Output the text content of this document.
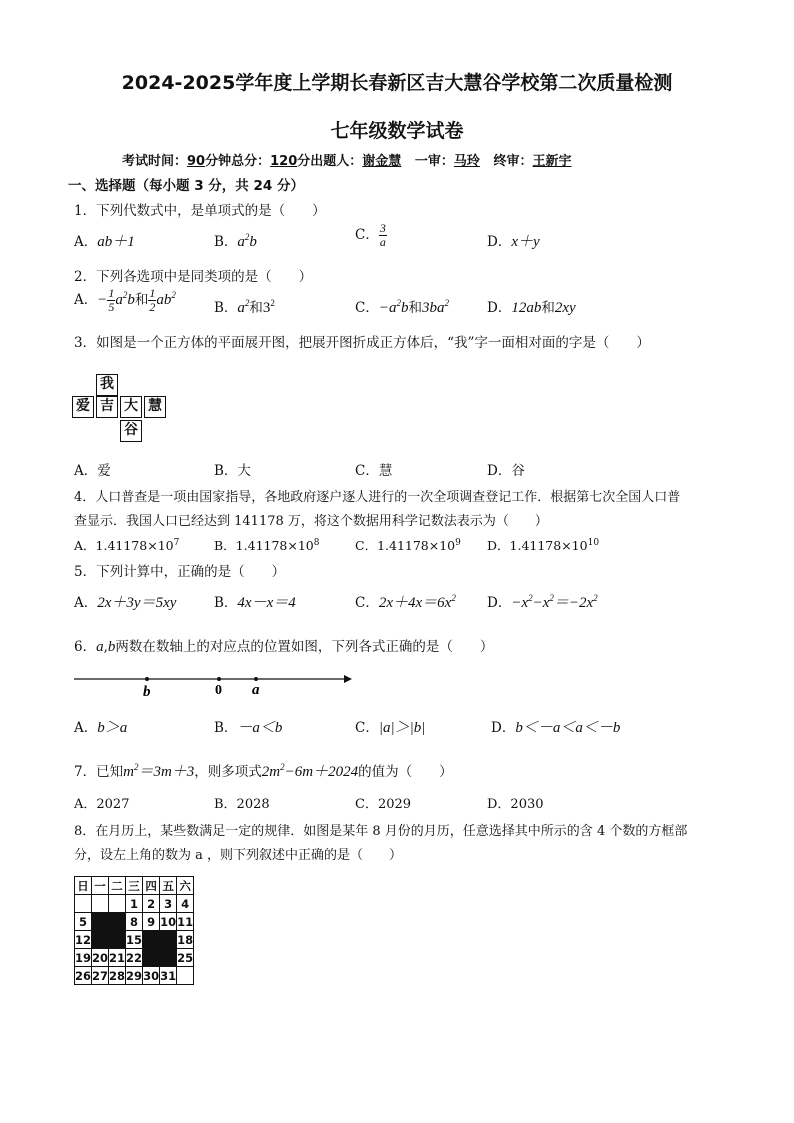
2024-2025学年度上学期长春新区吉大慧谷学校第二次质量检测
七年级数学试卷
考试时间：90分钟总分：120分出题人：谢金慧 一审：马玲 终审：王新宇
一、选择题（每小题 3 分，共 24 分）
1．下列代数式中，是单项式的是（　　）
A．ab＋1	B．$a^2b$	C． $\frac{3}{a}$	D．x＋y
2．下列各选项中是同类项的是（　　）
A．− $\frac{1}{5} a^2b$和 $\frac{1}{2} ab^2$
B．$a^2$和$3^2$	C．$-a^2b$和$3ba^2$	D．12ab和2xy
3．如图是一个正方体的平面展开图，把展开图折成正方体后，“我”字一面相对面的字是（　　）
我
爱 吉 大 慧
谷
A．爱	B．大	C．慧	D．谷
4．人口普查是一项由国家指导，各地政府逐户逐人进行的一次全项调查登记工作．根据第七次全国人口普
查显示．我国人口已经达到 141178 万，将这个数据用科学记数法表示为（　　）
A．$1.41178\times 10^7$	B．$1.41178\times 10^8$	C．$1.41178\times 10^9$ D．$1.41178\times 10^{10}$
5．下列计算中，正确的是（　　）
A．2x＋3y＝5xy	B．4x－x＝4	C．$2x+4x=6x^2$ D．$-x^2-x^2=-2x^2$
6．a,b两数在数轴上的对应点的位置如图，下列各式正确的是（　　）
b	0 a
A．b＞a	B．－a＜b	C．|a|＞|b|	D．b＜－a＜a＜－b
7．已知$m^2=3m+3$，则多项式$2m^2-6m+2024$的值为（　　）
A．2027	B．2028	C．2029	D．2030
8．在月历上，某些数满足一定的规律．如图是某年 8 月份的月历，任意选择其中所示的含 4 个数的方框部
分，设左上角的数为 a ，则下列叙述中正确的是（　　）
日	一	二	三	四	五	六
			1	2	3	4
5			8	9	10	11
12			15			18
19	20	21	22			25
26	27	28	29	30	31	
